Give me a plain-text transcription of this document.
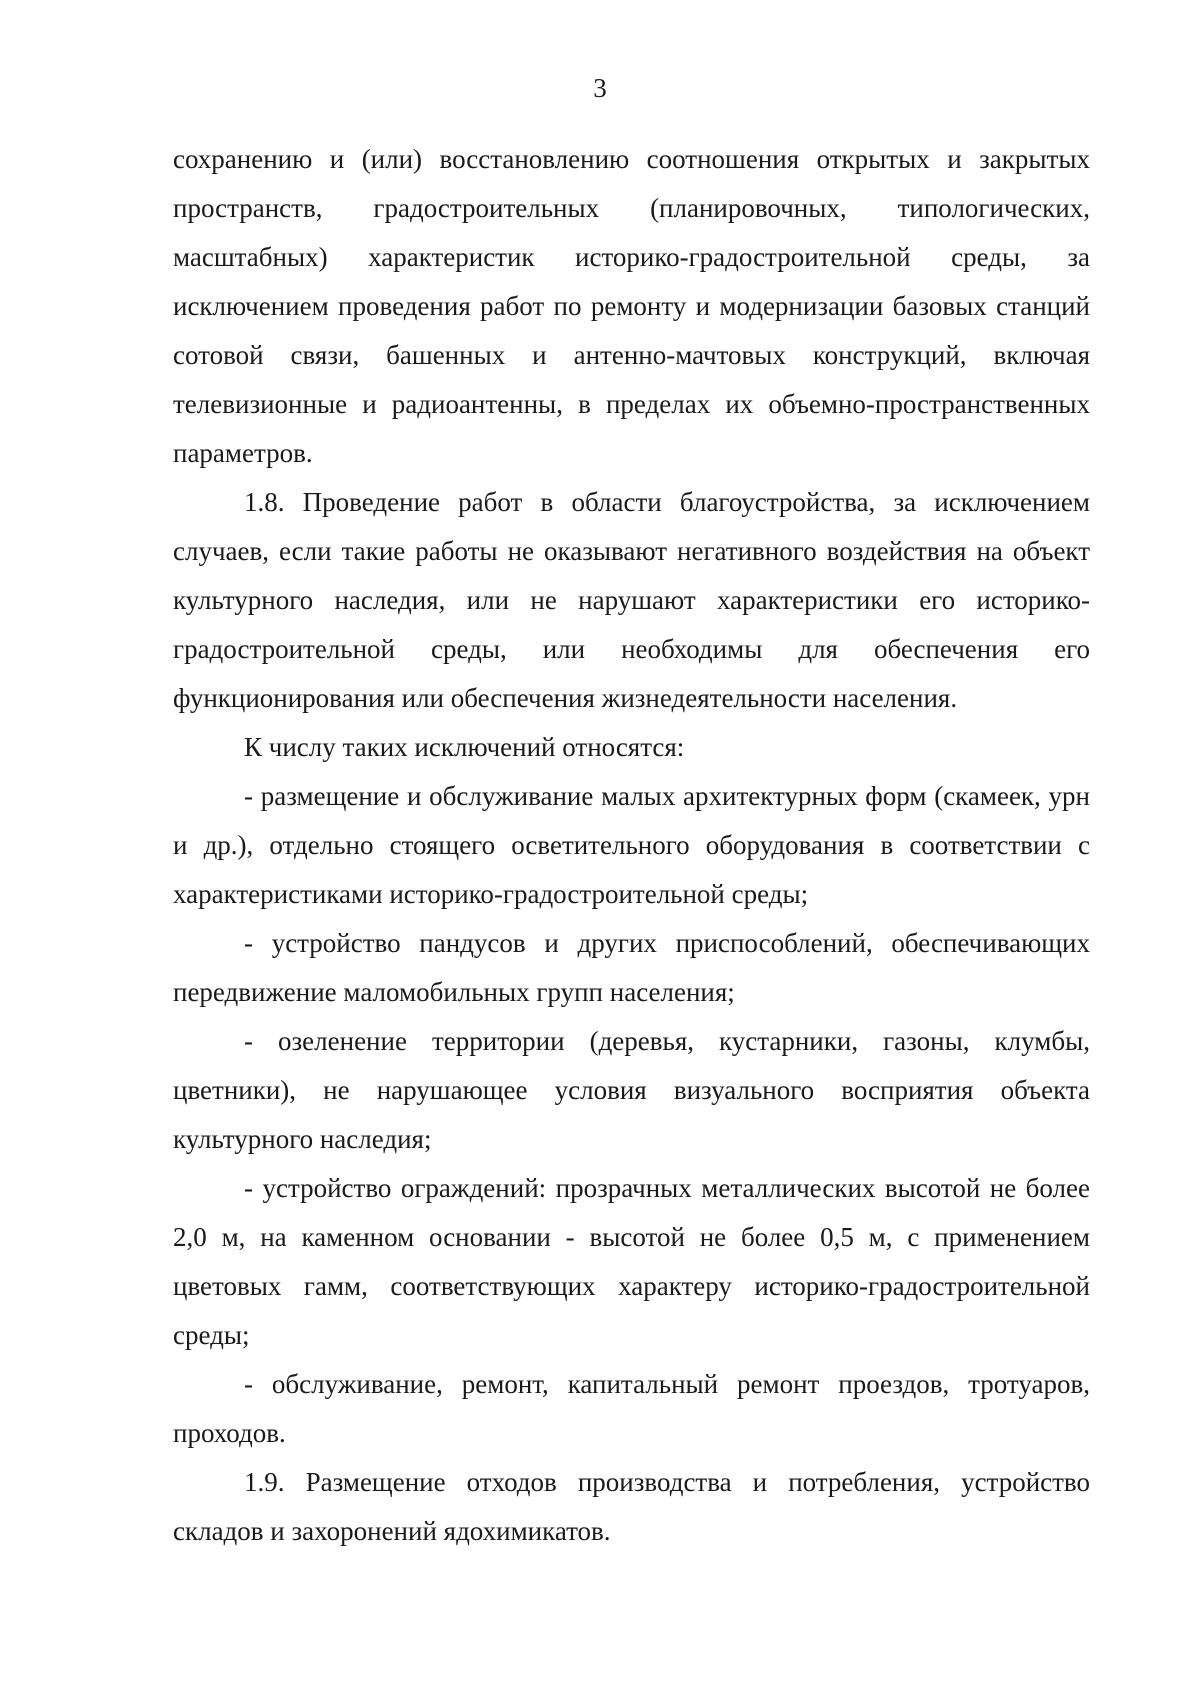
3

сохранению и (или) восстановлению соотношения открытых и закрытых пространств, градостроительных (планировочных, типологических, масштабных) характеристик историко-градостроительной среды, за исключением проведения работ по ремонту и модернизации базовых станций сотовой связи, башенных и антенно-мачтовых конструкций, включая телевизионные и радиоантенны, в пределах их объемно-пространственных параметров.

1.8. Проведение работ в области благоустройства, за исключением случаев, если такие работы не оказывают негативного воздействия на объект культурного наследия, или не нарушают характеристики его историко-градостроительной среды, или необходимы для обеспечения его функционирования или обеспечения жизнедеятельности населения.

К числу таких исключений относятся:

- размещение и обслуживание малых архитектурных форм (скамеек, урн и др.), отдельно стоящего осветительного оборудования в соответствии с характеристиками историко-градостроительной среды;

- устройство пандусов и других приспособлений, обеспечивающих передвижение маломобильных групп населения;

- озеленение территории (деревья, кустарники, газоны, клумбы, цветники), не нарушающее условия визуального восприятия объекта культурного наследия;

- устройство ограждений: прозрачных металлических высотой не более 2,0 м, на каменном основании - высотой не более 0,5 м, с применением цветовых гамм, соответствующих характеру историко-градостроительной среды;

- обслуживание, ремонт, капитальный ремонт проездов, тротуаров, проходов.

1.9. Размещение отходов производства и потребления, устройство складов и захоронений ядохимикатов.
